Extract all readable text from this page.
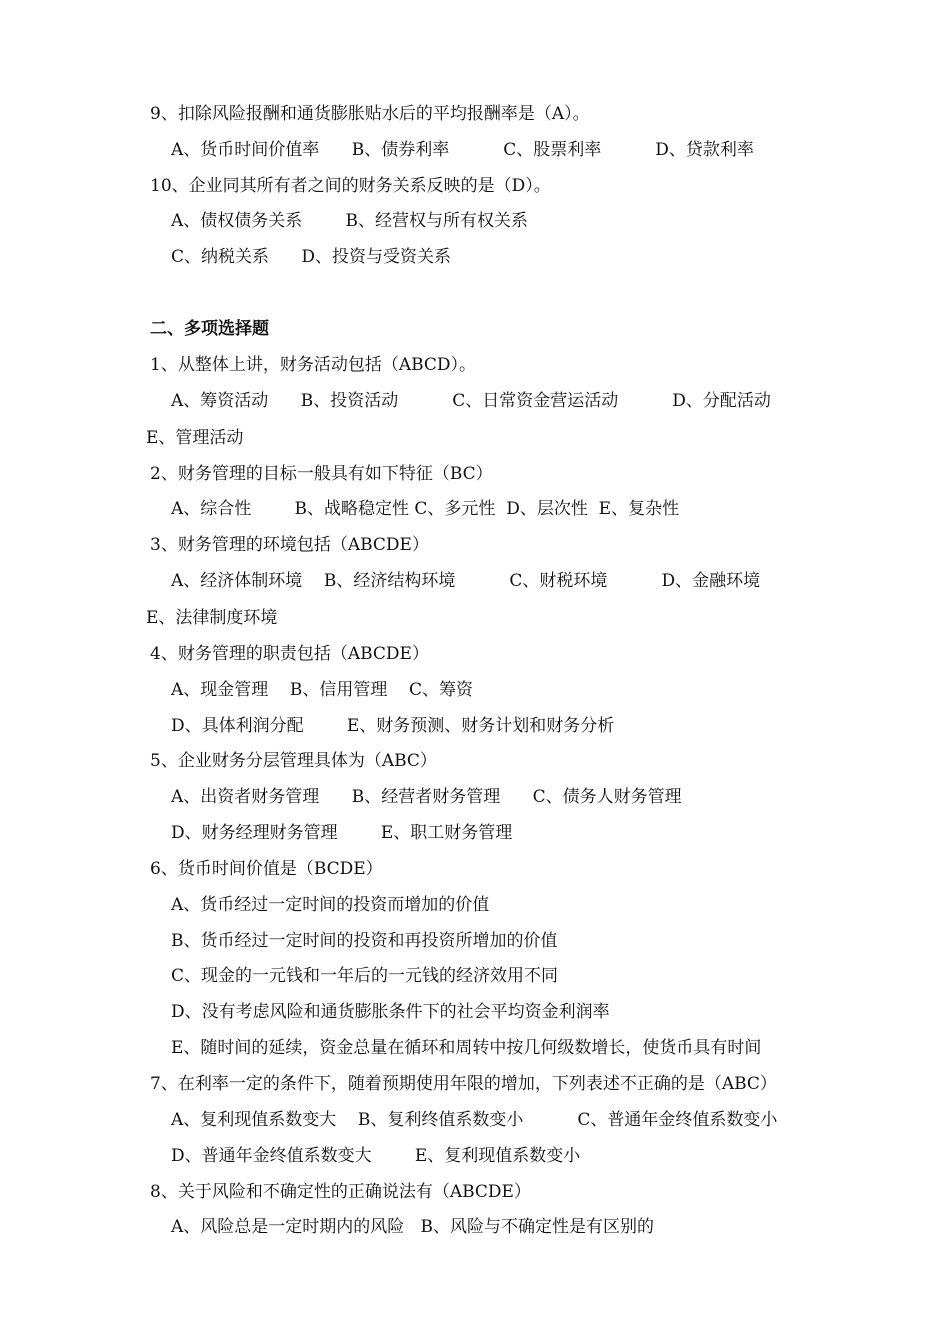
9、扣除风险报酬和通货膨胀贴水后的平均报酬率是（A）。
A、货币时间价值率      B、债券利率          C、股票利率          D、贷款利率
10、企业同其所有者之间的财务关系反映的是（D）。
A、债权债务关系        B、经营权与所有权关系
C、纳税关系      D、投资与受资关系
二、多项选择题
1、从整体上讲，财务活动包括（ABCD）。
A、筹资活动      B、投资活动          C、日常资金营运活动          D、分配活动
E、管理活动
2、财务管理的目标一般具有如下特征（BC）
A、综合性        B、战略稳定性 C、多元性  D、层次性  E、复杂性
3、财务管理的环境包括（ABCDE）
A、经济体制环境    B、经济结构环境          C、财税环境          D、金融环境
E、法律制度环境
4、财务管理的职责包括（ABCDE）
A、现金管理    B、信用管理    C、筹资
D、具体利润分配        E、财务预测、财务计划和财务分析
5、企业财务分层管理具体为（ABC）
A、出资者财务管理      B、经营者财务管理      C、债务人财务管理
D、财务经理财务管理        E、职工财务管理
6、货币时间价值是（BCDE）
A、货币经过一定时间的投资而增加的价值
B、货币经过一定时间的投资和再投资所增加的价值
C、现金的一元钱和一年后的一元钱的经济效用不同
D、没有考虑风险和通货膨胀条件下的社会平均资金利润率
E、随时间的延续，资金总量在循环和周转中按几何级数增长，使货币具有时间
7、在利率一定的条件下，随着预期使用年限的增加，下列表述不正确的是（ABC）
A、复利现值系数变大    B、复利终值系数变小          C、普通年金终值系数变小
D、普通年金终值系数变大        E、复利现值系数变小
8、关于风险和不确定性的正确说法有（ABCDE）
A、风险总是一定时期内的风险   B、风险与不确定性是有区别的
